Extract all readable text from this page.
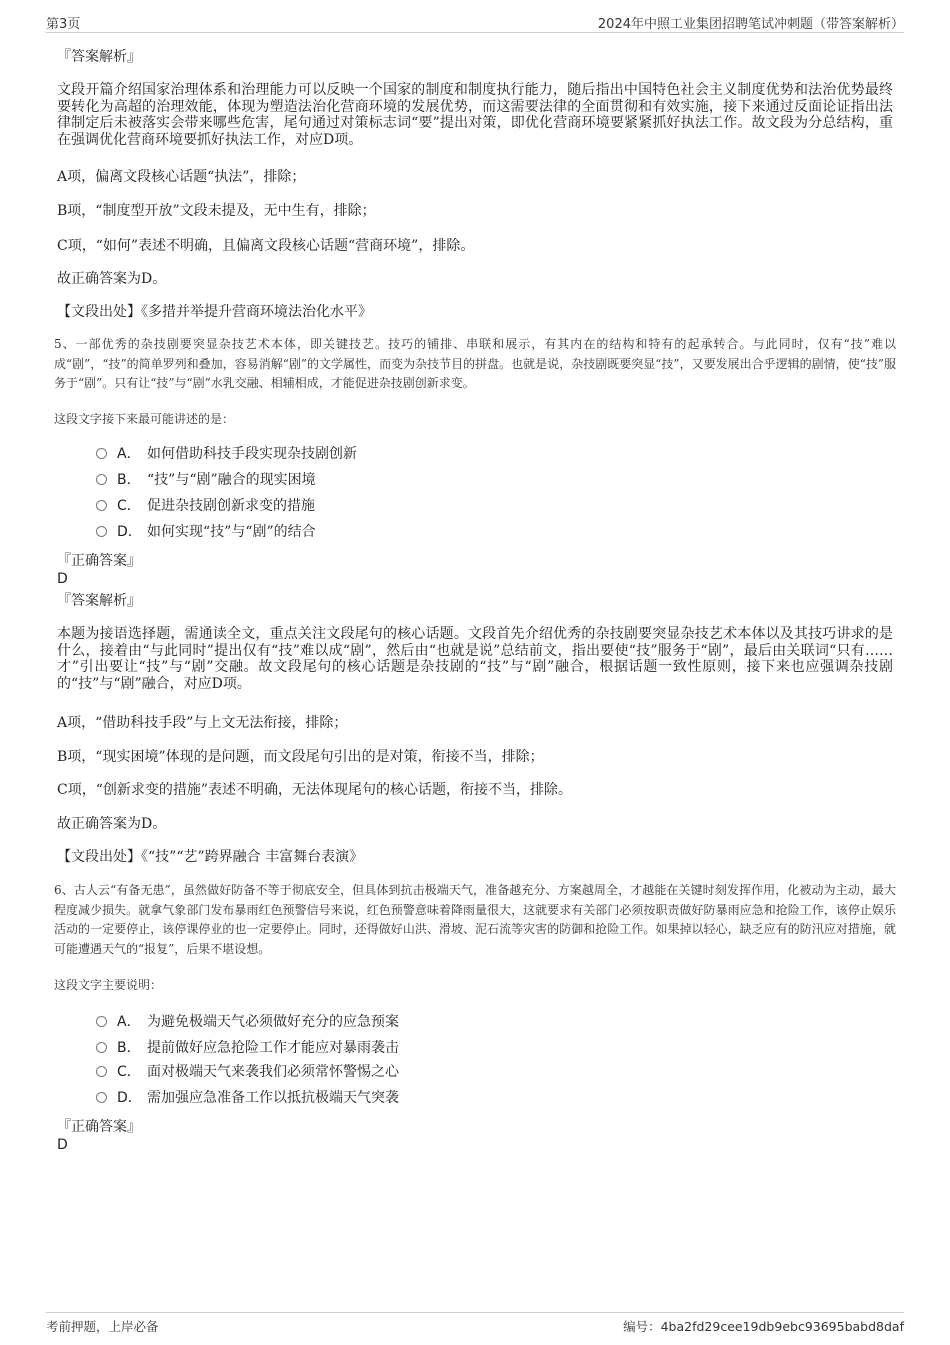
第3页	2024年中照工业集团招聘笔试冲刺题（带答案解析）
『答案解析』
文段开篇介绍国家治理体系和治理能力可以反映一个国家的制度和制度执行能力，随后指出中国特色社会主义制度优势和法治优势最终要转化为高超的治理效能，体现为塑造法治化营商环境的发展优势，而这需要法律的全面贯彻和有效实施，接下来通过反面论证指出法律制定后未被落实会带来哪些危害，尾句通过对策标志词“要”提出对策，即优化营商环境要紧紧抓好执法工作。故文段为分总结构，重在强调优化营商环境要抓好执法工作，对应D项。
A项，偏离文段核心话题“执法”，排除；
B项，“制度型开放”文段未提及，无中生有，排除；
C项，“如何”表述不明确，且偏离文段核心话题“营商环境”，排除。
故正确答案为D。
【文段出处】《多措并举提升营商环境法治化水平》
5、一部优秀的杂技剧要突显杂技艺术本体，即关键技艺。技巧的铺排、串联和展示，有其内在的结构和特有的起承转合。与此同时，仅有“技”难以成“剧”，“技”的简单罗列和叠加，容易消解“剧”的文学属性，而变为杂技节目的拼盘。也就是说，杂技剧既要突显“技”，又要发展出合乎逻辑的剧情，使“技”服务于“剧”。只有让“技”与“剧”水乳交融、相辅相成，才能促进杂技剧创新求变。
这段文字接下来最可能讲述的是：
A． 如何借助科技手段实现杂技剧创新
B． “技”与“剧”融合的现实困境
C． 促进杂技剧创新求变的措施
D． 如何实现“技”与“剧”的结合
『正确答案』
D
『答案解析』
本题为接语选择题，需通读全文，重点关注文段尾句的核心话题。文段首先介绍优秀的杂技剧要突显杂技艺术本体以及其技巧讲求的是什么，接着由“与此同时”提出仅有“技”难以成“剧”，然后由“也就是说”总结前文，指出要使“技”服务于“剧”，最后由关联词“只有……才”引出要让“技”与“剧”交融。故文段尾句的核心话题是杂技剧的“技”与“剧”融合，根据话题一致性原则，接下来也应强调杂技剧的“技”与“剧”融合，对应D项。
A项，“借助科技手段”与上文无法衔接，排除；
B项，“现实困境”体现的是问题，而文段尾句引出的是对策，衔接不当，排除；
C项，“创新求变的措施”表述不明确，无法体现尾句的核心话题，衔接不当，排除。
故正确答案为D。
【文段出处】《“技”“艺”跨界融合 丰富舞台表演》
6、古人云“有备无患”，虽然做好防备不等于彻底安全，但具体到抗击极端天气，准备越充分、方案越周全，才越能在关键时刻发挥作用，化被动为主动，最大程度减少损失。就拿气象部门发布暴雨红色预警信号来说，红色预警意味着降雨量很大，这就要求有关部门必须按职责做好防暴雨应急和抢险工作，该停止娱乐活动的一定要停止，该停课停业的也一定要停止。同时，还得做好山洪、滑坡、泥石流等灾害的防御和抢险工作。如果掉以轻心，缺乏应有的防汛应对措施，就可能遭遇天气的“报复”，后果不堪设想。
这段文字主要说明：
A． 为避免极端天气必须做好充分的应急预案
B． 提前做好应急抢险工作才能应对暴雨袭击
C． 面对极端天气来袭我们必须常怀警惕之心
D． 需加强应急准备工作以抵抗极端天气突袭
『正确答案』
D
考前押题，上岸必备	编号：4ba2fd29cee19db9ebc93695babd8daf
